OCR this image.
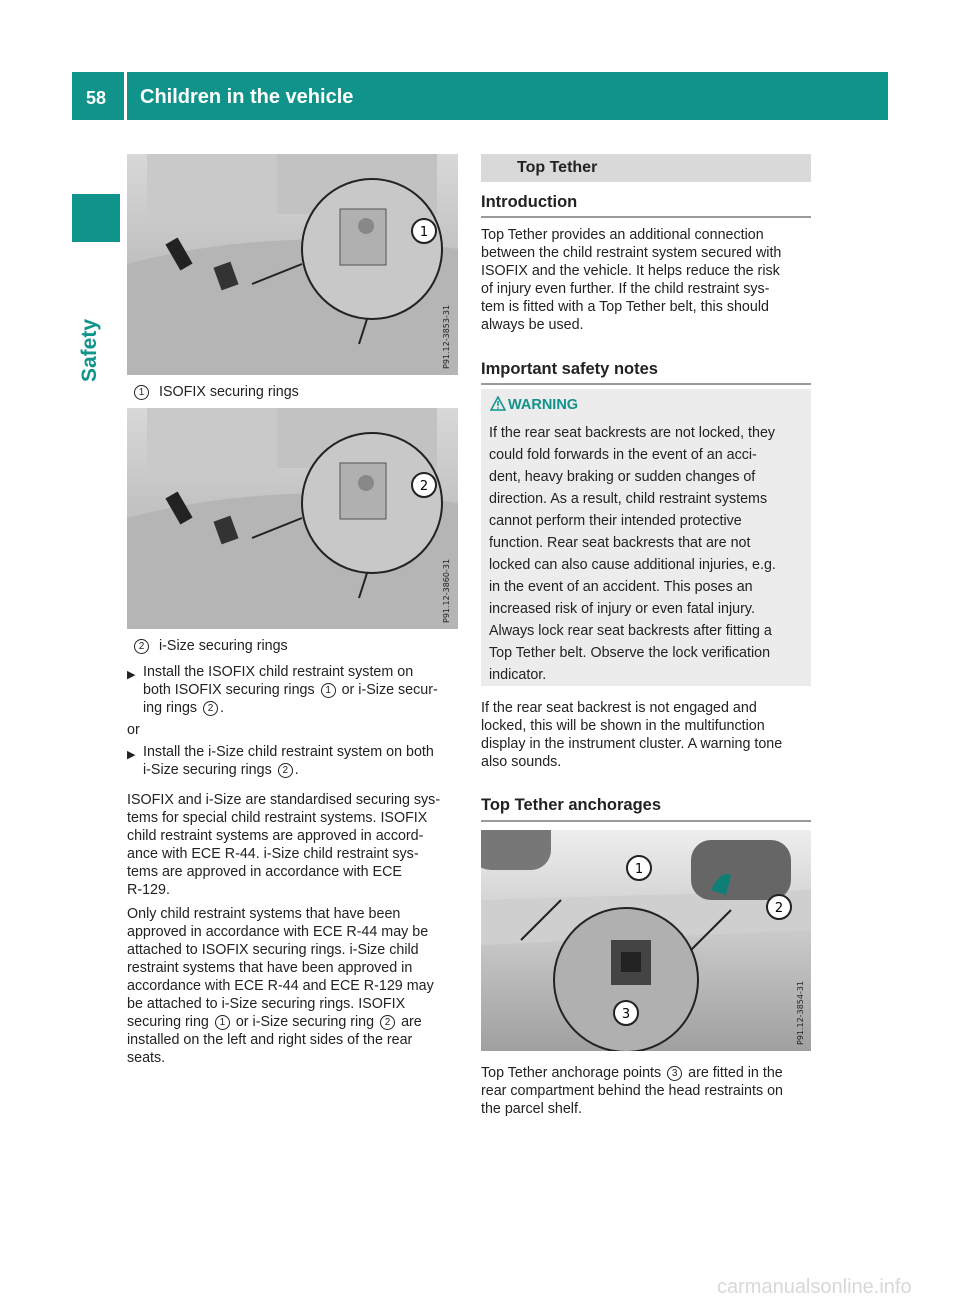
58 Children in the vehicle
Safety
1
P91.12-3853-31
1 ISOFIX securing rings
2
P91.12-3860-31
2 i-Size securing rings
▶ Install the ISOFIX child restraint system on

both ISOFIX securing rings 1 or i-Size secur-

ing rings 2 .

or
▶ Install the i-Size child restraint system on both

i-Size securing rings 2 .

ISOFIX and i-Size are standardised securing sys-

tems for special child restraint systems. ISOFIX

child restraint systems are approved in accord-

ance with ECE R-44. i-Size child restraint sys-

tems are approved in accordance with ECE

R-129.

Only child restraint systems that have been

approved in accordance with ECE R-44 may be

attached to ISOFIX securing rings. i-Size child

restraint systems that have been approved in

accordance with ECE R-44 and ECE R-129 may

be attached to i-Size securing rings. ISOFIX

securing ring 1 or i-Size securing ring 2 are

installed on the left and right sides of the rear

seats.

Top Tether
Introduction

Top Tether provides an additional connection

between the child restraint system secured with

ISOFIX and the vehicle. It helps reduce the risk

of injury even further. If the child restraint sys-

tem is fitted with a Top Tether belt, this should

always be used.

Important safety notes
WARNING

If the rear seat backrests are not locked, they

could fold forwards in the event of an acci-

dent, heavy braking or sudden changes of

direction. As a result, child restraint systems

cannot perform their intended protective

function. Rear seat backrests that are not

locked can also cause additional injuries, e.g.

in the event of an accident. This poses an

increased risk of injury or even fatal injury.

Always lock rear seat backrests after fitting a

Top Tether belt. Observe the lock verification

indicator.

If the rear seat backrest is not engaged and

locked, this will be shown in the multifunction

display in the instrument cluster. A warning tone

also sounds.

Top Tether anchorages
1
2
3	P91.12-3854-31

Top Tether anchorage points 3 are fitted in the

rear compartment behind the head restraints on

the parcel shelf.

carmanualsonline.info
